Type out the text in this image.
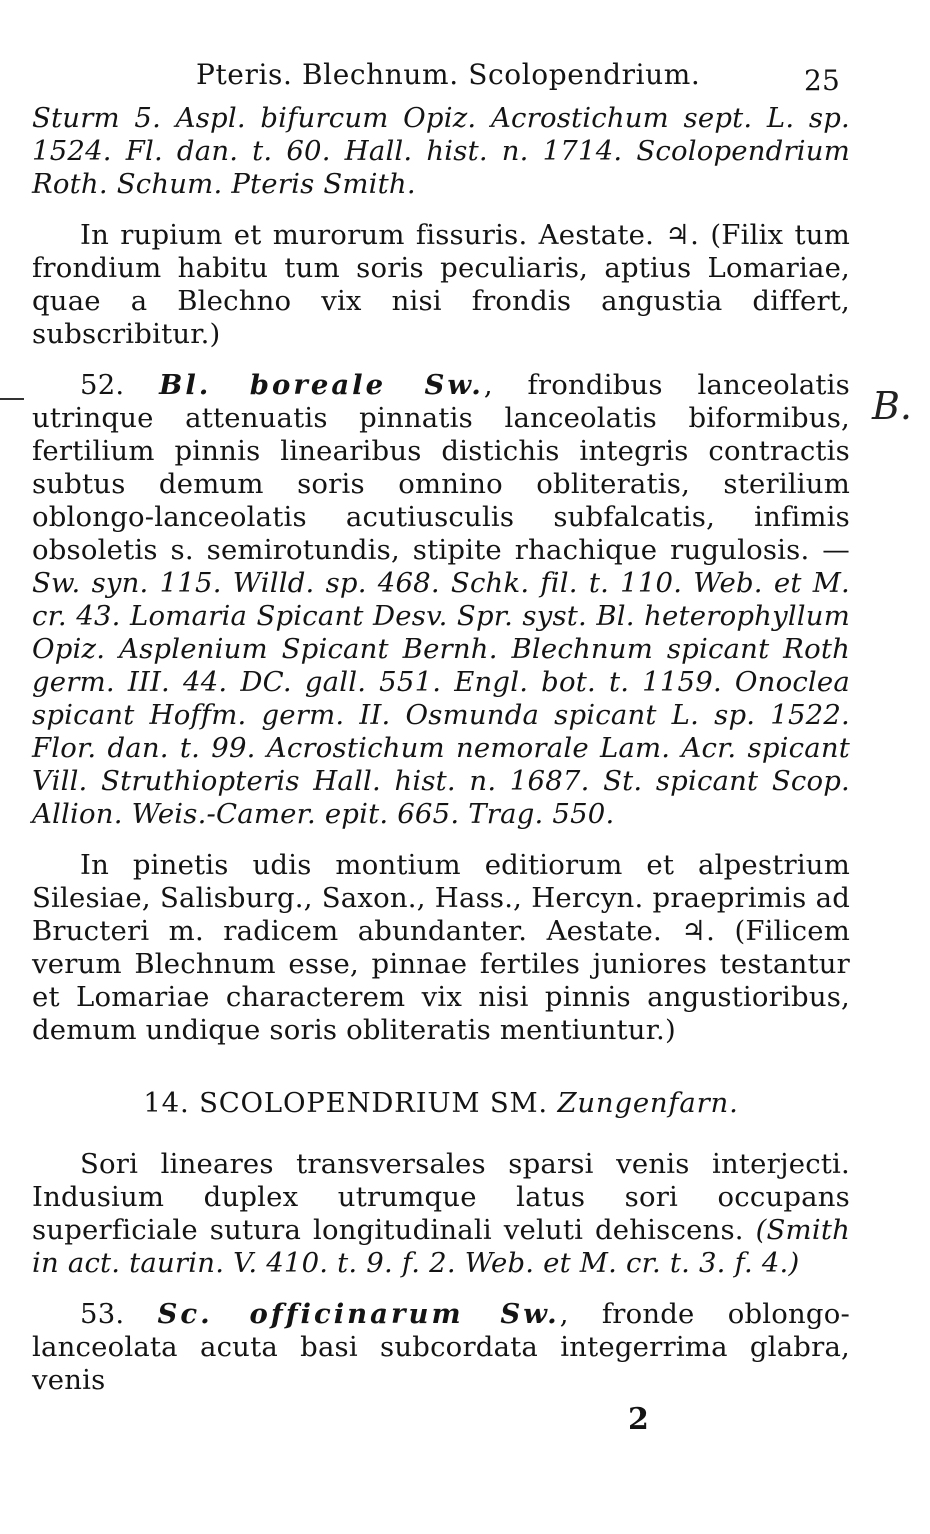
B.
Pteris. Blechnum. Scolopendrium.	25

Sturm 5. Aspl. bifurcum Opiz. Acrostichum sept. L. sp. 1524. Fl. dan. t. 60. Hall. hist. n. 1714. Scolopendrium Roth. Schum. Pteris Smith.

In rupium et murorum fissuris. Aestate. ♃. (Filix tum frondium habitu tum soris peculiaris, aptius Lomariae, quae a Blechno vix nisi frondis angustia differt, subscribitur.)

52. Bl. boreale Sw., frondibus lanceolatis utrinque attenuatis pinnatis lanceolatis biformibus, fertilium pinnis linearibus distichis integris contractis subtus demum soris omnino obliteratis, sterilium oblongo-lanceolatis acutiusculis subfalcatis, infimis obsoletis s. semirotundis, stipite rhachique rugulosis. — Sw. syn. 115. Willd. sp. 468. Schk. fil. t. 110. Web. et M. cr. 43. Lomaria Spicant Desv. Spr. syst. Bl. heterophyllum Opiz. Asplenium Spicant Bernh. Blechnum spicant Roth germ. III. 44. DC. gall. 551. Engl. bot. t. 1159. Onoclea spicant Hoffm. germ. II. Osmunda spicant L. sp. 1522. Flor. dan. t. 99. Acrostichum nemorale Lam. Acr. spicant Vill. Struthiopteris Hall. hist. n. 1687. St. spicant Scop. Allion. Weis.-Camer. epit. 665. Trag. 550.

In pinetis udis montium editiorum et alpestrium Silesiae, Salisburg., Saxon., Hass., Hercyn. praeprimis ad Bructeri m. radicem abundanter. Aestate. ♃. (Filicem verum Blechnum esse, pinnae fertiles juniores testantur et Lomariae characterem vix nisi pinnis angustioribus, demum undique soris obliteratis mentiuntur.)

14. SCOLOPENDRIUM SM. Zungenfarn.

Sori lineares transversales sparsi venis interjecti. Indusium duplex utrumque latus sori occupans superficiale sutura longitudinali veluti dehiscens. (Smith in act. taurin. V. 410. t. 9. f. 2. Web. et M. cr. t. 3. f. 4.)

53. Sc. officinarum Sw., fronde oblongo-lanceolata acuta basi subcordata integerrima glabra, venis

2
